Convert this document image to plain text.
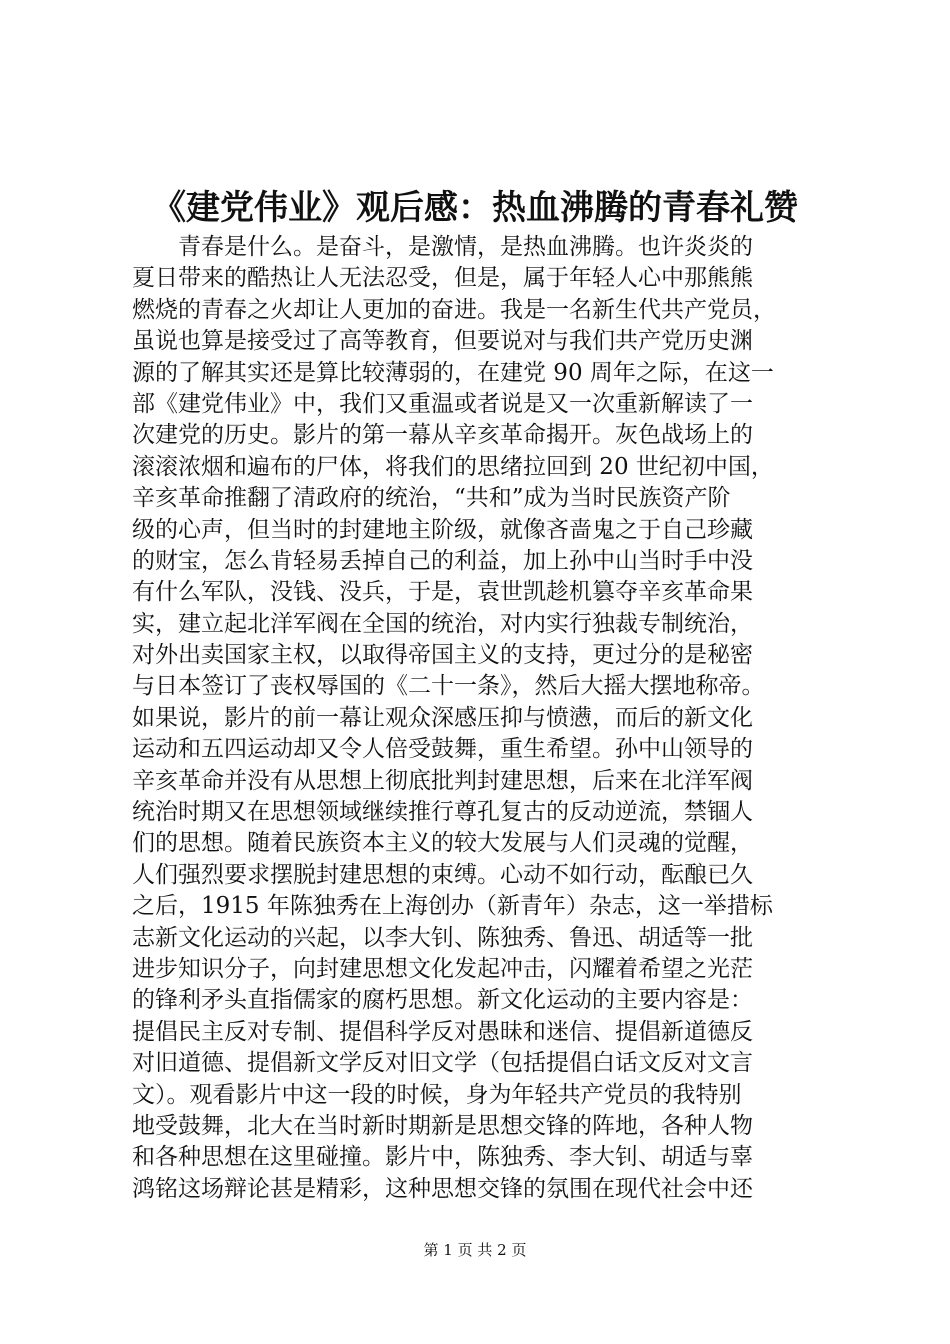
《建党伟业》观后感：热血沸腾的青春礼赞
　　青春是什么。是奋斗，是激情，是热血沸腾。也许炎炎的
夏日带来的酷热让人无法忍受，但是，属于年轻人心中那熊熊
燃烧的青春之火却让人更加的奋进。我是一名新生代共产党员，
虽说也算是接受过了高等教育，但要说对与我们共产党历史渊
源的了解其实还是算比较薄弱的，在建党 90 周年之际，在这一
部《建党伟业》中，我们又重温或者说是又一次重新解读了一
次建党的历史。影片的第一幕从辛亥革命揭开。灰色战场上的
滚滚浓烟和遍布的尸体，将我们的思绪拉回到 20 世纪初中国，
辛亥革命推翻了清政府的统治，“共和”成为当时民族资产阶
级的心声，但当时的封建地主阶级，就像吝啬鬼之于自己珍藏
的财宝，怎么肯轻易丢掉自己的利益，加上孙中山当时手中没
有什么军队，没钱、没兵，于是，袁世凯趁机篡夺辛亥革命果
实，建立起北洋军阀在全国的统治，对内实行独裁专制统治，
对外出卖国家主权，以取得帝国主义的支持，更过分的是秘密
与日本签订了丧权辱国的《二十一条》，然后大摇大摆地称帝。
如果说，影片的前一幕让观众深感压抑与愤懑，而后的新文化
运动和五四运动却又令人倍受鼓舞，重生希望。孙中山领导的
辛亥革命并没有从思想上彻底批判封建思想，后来在北洋军阀
统治时期又在思想领域继续推行尊孔复古的反动逆流，禁锢人
们的思想。随着民族资本主义的较大发展与人们灵魂的觉醒，
人们强烈要求摆脱封建思想的束缚。心动不如行动，酝酿已久
之后，1915 年陈独秀在上海创办（新青年）杂志，这一举措标
志新文化运动的兴起，以李大钊、陈独秀、鲁迅、胡适等一批
进步知识分子，向封建思想文化发起冲击，闪耀着希望之光茫
的锋利矛头直指儒家的腐朽思想。新文化运动的主要内容是：
提倡民主反对专制、提倡科学反对愚昧和迷信、提倡新道德反
对旧道德、提倡新文学反对旧文学（包括提倡白话文反对文言
文）。观看影片中这一段的时候，身为年轻共产党员的我特别
地受鼓舞，北大在当时新时期新是思想交锋的阵地，各种人物
和各种思想在这里碰撞。影片中，陈独秀、李大钊、胡适与辜
鸿铭这场辩论甚是精彩，这种思想交锋的氛围在现代社会中还
第 1 页 共 2 页
